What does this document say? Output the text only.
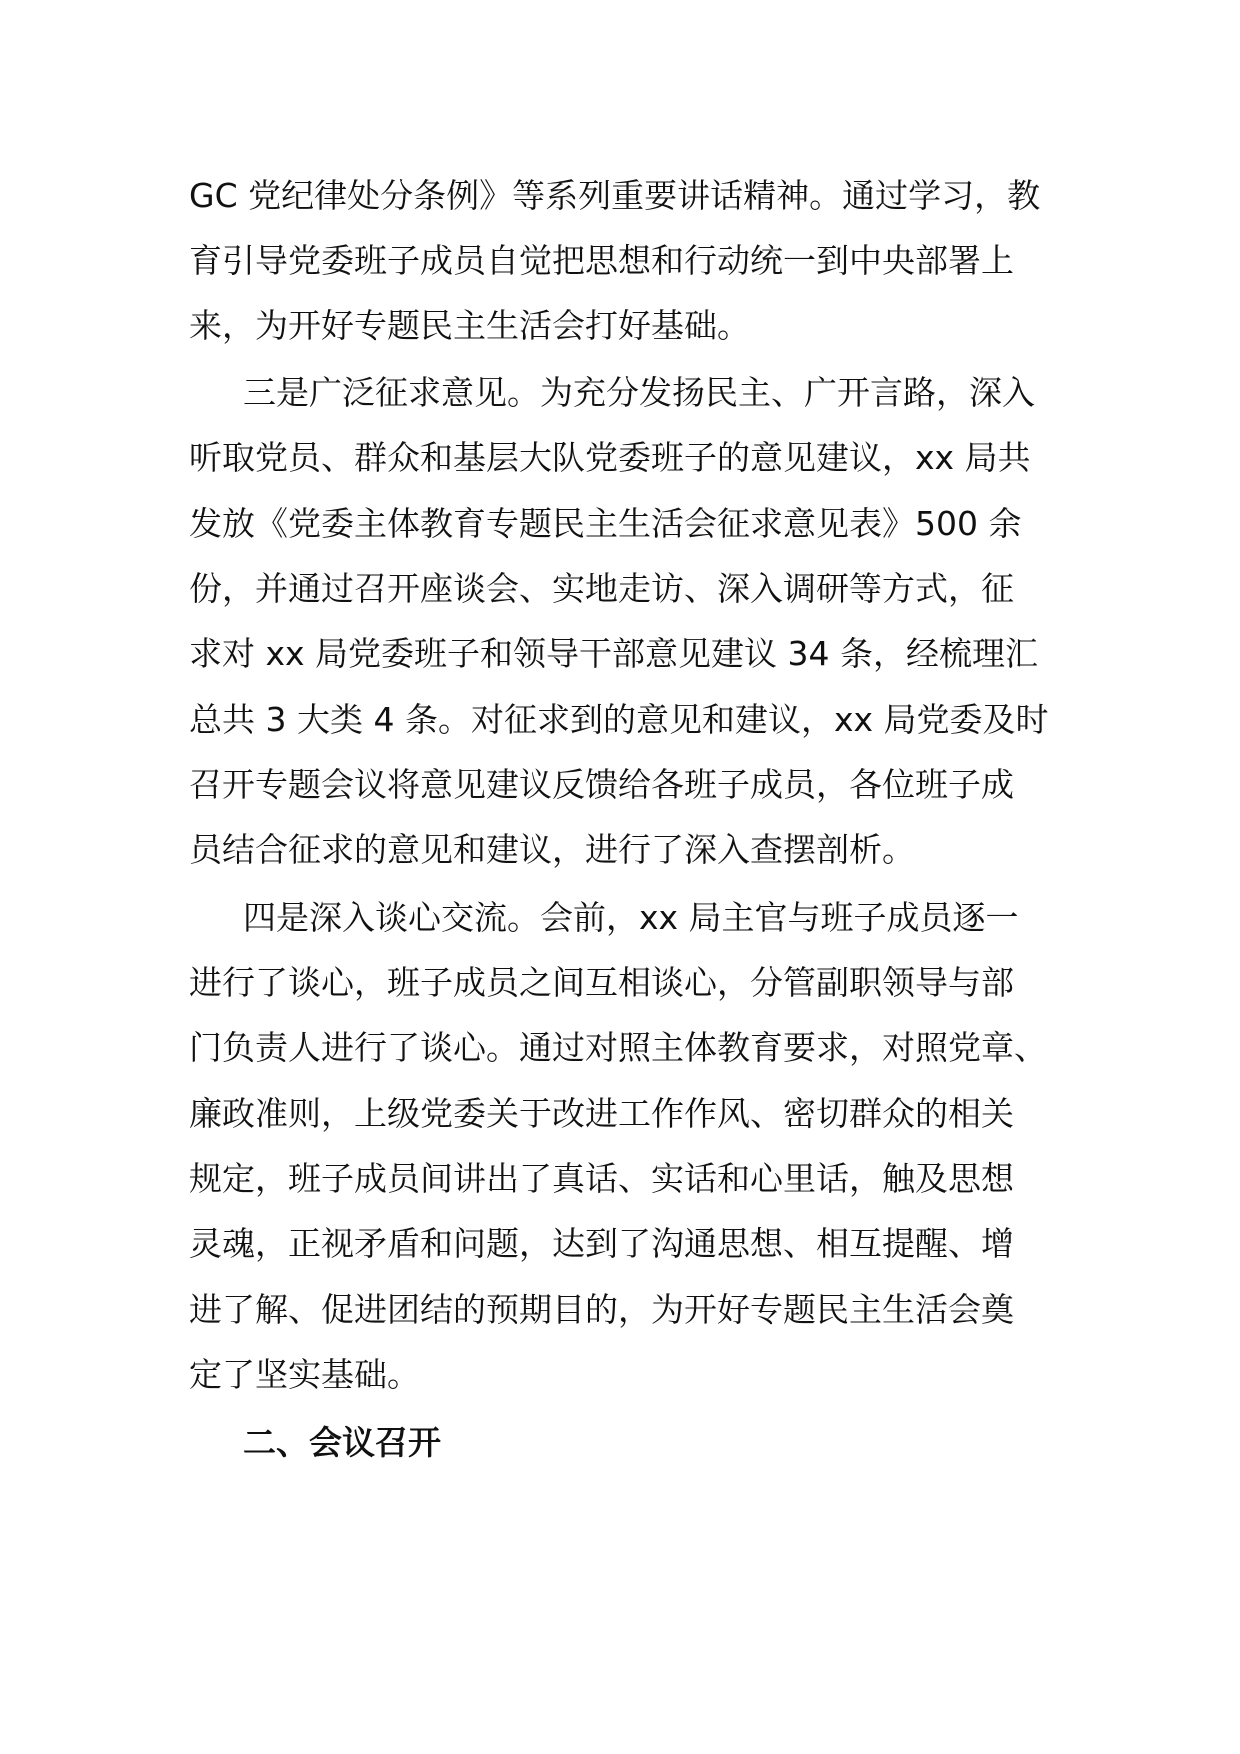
GC 党纪律处分条例》等系列重要讲话精神。通过学习，教
育引导党委班子成员自觉把思想和行动统一到中央部署上
来，为开好专题民主生活会打好基础。
三是广泛征求意见。为充分发扬民主、广开言路，深入
听取党员、群众和基层大队党委班子的意见建议，xx 局共
发放《党委主体教育专题民主生活会征求意见表》500 余
份，并通过召开座谈会、实地走访、深入调研等方式，征
求对 xx 局党委班子和领导干部意见建议 34 条，经梳理汇
总共 3 大类 4 条。对征求到的意见和建议，xx 局党委及时
召开专题会议将意见建议反馈给各班子成员，各位班子成
员结合征求的意见和建议，进行了深入查摆剖析。
四是深入谈心交流。会前，xx 局主官与班子成员逐一
进行了谈心，班子成员之间互相谈心，分管副职领导与部
门负责人进行了谈心。通过对照主体教育要求，对照党章、
廉政准则，上级党委关于改进工作作风、密切群众的相关
规定，班子成员间讲出了真话、实话和心里话，触及思想
灵魂，正视矛盾和问题，达到了沟通思想、相互提醒、增
进了解、促进团结的预期目的，为开好专题民主生活会奠
定了坚实基础。
二、会议召开
